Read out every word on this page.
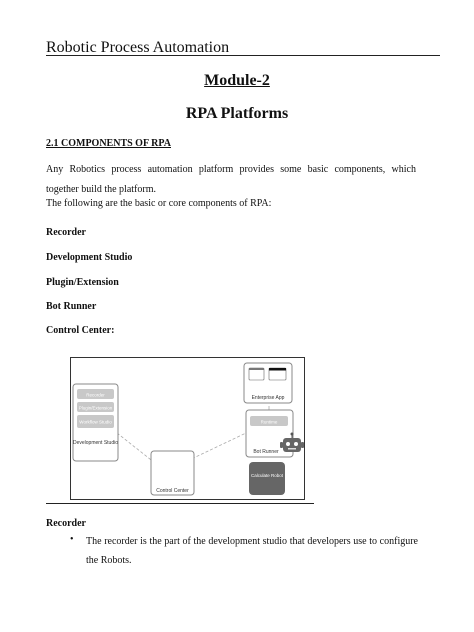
Robotic Process Automation
Module-2
RPA Platforms
2.1 COMPONENTS OF RPA
Any Robotics process automation platform provides some basic components, which together build the platform.
The following are the basic or core components of RPA:
Recorder
Development Studio
Plugin/Extension
Bot Runner
Control Center:
Recorder
Plugin/Extension
Workflow Studio
Development Studio
Control Center
Enterprise App
Runtime
Bot Runner
Calculate Robot
Recorder
• The recorder is the part of the development studio that developers use to configure the Robots.
